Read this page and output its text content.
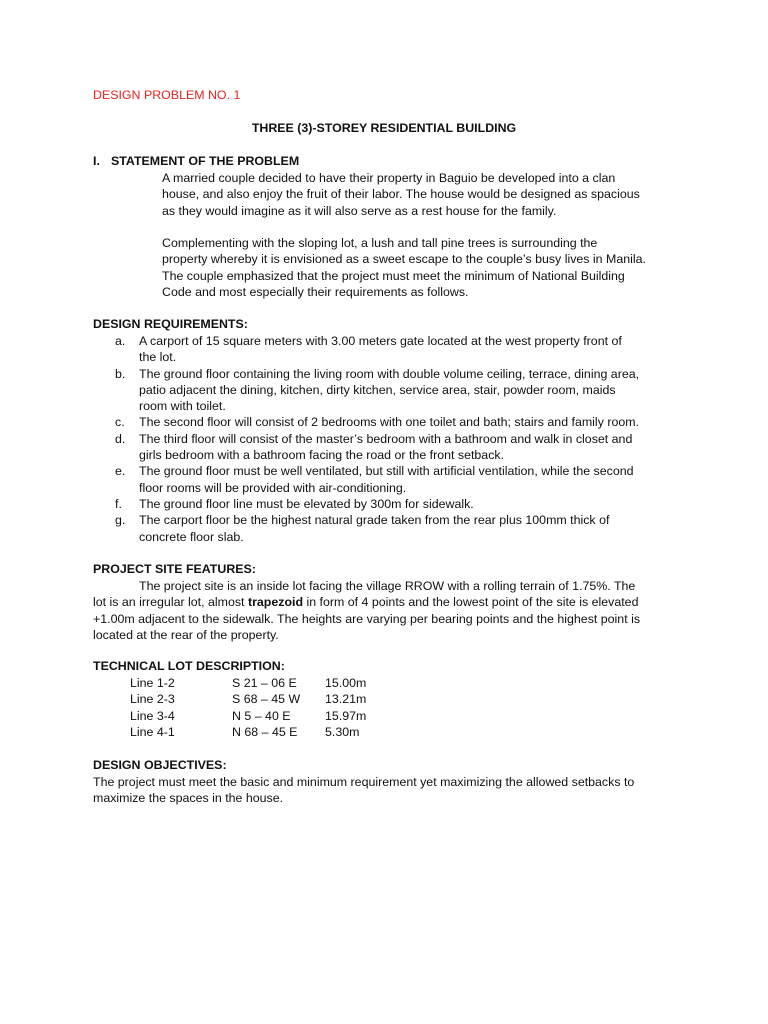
DESIGN PROBLEM NO. 1
THREE (3)-STOREY RESIDENTIAL BUILDING
I. STATEMENT OF THE PROBLEM

A married couple decided to have their property in Baguio be developed into a clan

house, and also enjoy the fruit of their labor. The house would be designed as spacious

as they would imagine as it will also serve as a rest house for the family.

Complementing with the sloping lot, a lush and tall pine trees is surrounding the

property whereby it is envisioned as a sweet escape to the couple’s busy lives in Manila.

The couple emphasized that the project must meet the minimum of National Building

Code and most especially their requirements as follows.

DESIGN REQUIREMENTS:
a. A carport of 15 square meters with 3.00 meters gate located at the west property front of
the lot.
b. The ground floor containing the living room with double volume ceiling, terrace, dining area,
patio adjacent the dining, kitchen, dirty kitchen, service area, stair, powder room, maids
room with toilet.
c. The second floor will consist of 2 bedrooms with one toilet and bath; stairs and family room.
d. The third floor will consist of the master’s bedroom with a bathroom and walk in closet and
girls bedroom with a bathroom facing the road or the front setback.
e. The ground floor must be well ventilated, but still with artificial ventilation, while the second
floor rooms will be provided with air-conditioning.
f. The ground floor line must be elevated by 300m for sidewalk.
g. The carport floor be the highest natural grade taken from the rear plus 100mm thick of
concrete floor slab.
PROJECT SITE FEATURES:

The project site is an inside lot facing the village RROW with a rolling terrain of 1.75%. The

lot is an irregular lot, almost trapezoid in form of 4 points and the lowest point of the site is elevated

+1.00m adjacent to the sidewalk. The heights are varying per bearing points and the highest point is

located at the rear of the property.

TECHNICAL LOT DESCRIPTION:
Line 1-2	S 21 – 06 E	15.00m
Line 2-3	S 68 – 45 W	13.21m
Line 3-4	N 5 – 40 E	15.97m
Line 4-1	N 68 – 45 E	5.30m
DESIGN OBJECTIVES:

The project must meet the basic and minimum requirement yet maximizing the allowed setbacks to

maximize the spaces in the house.
